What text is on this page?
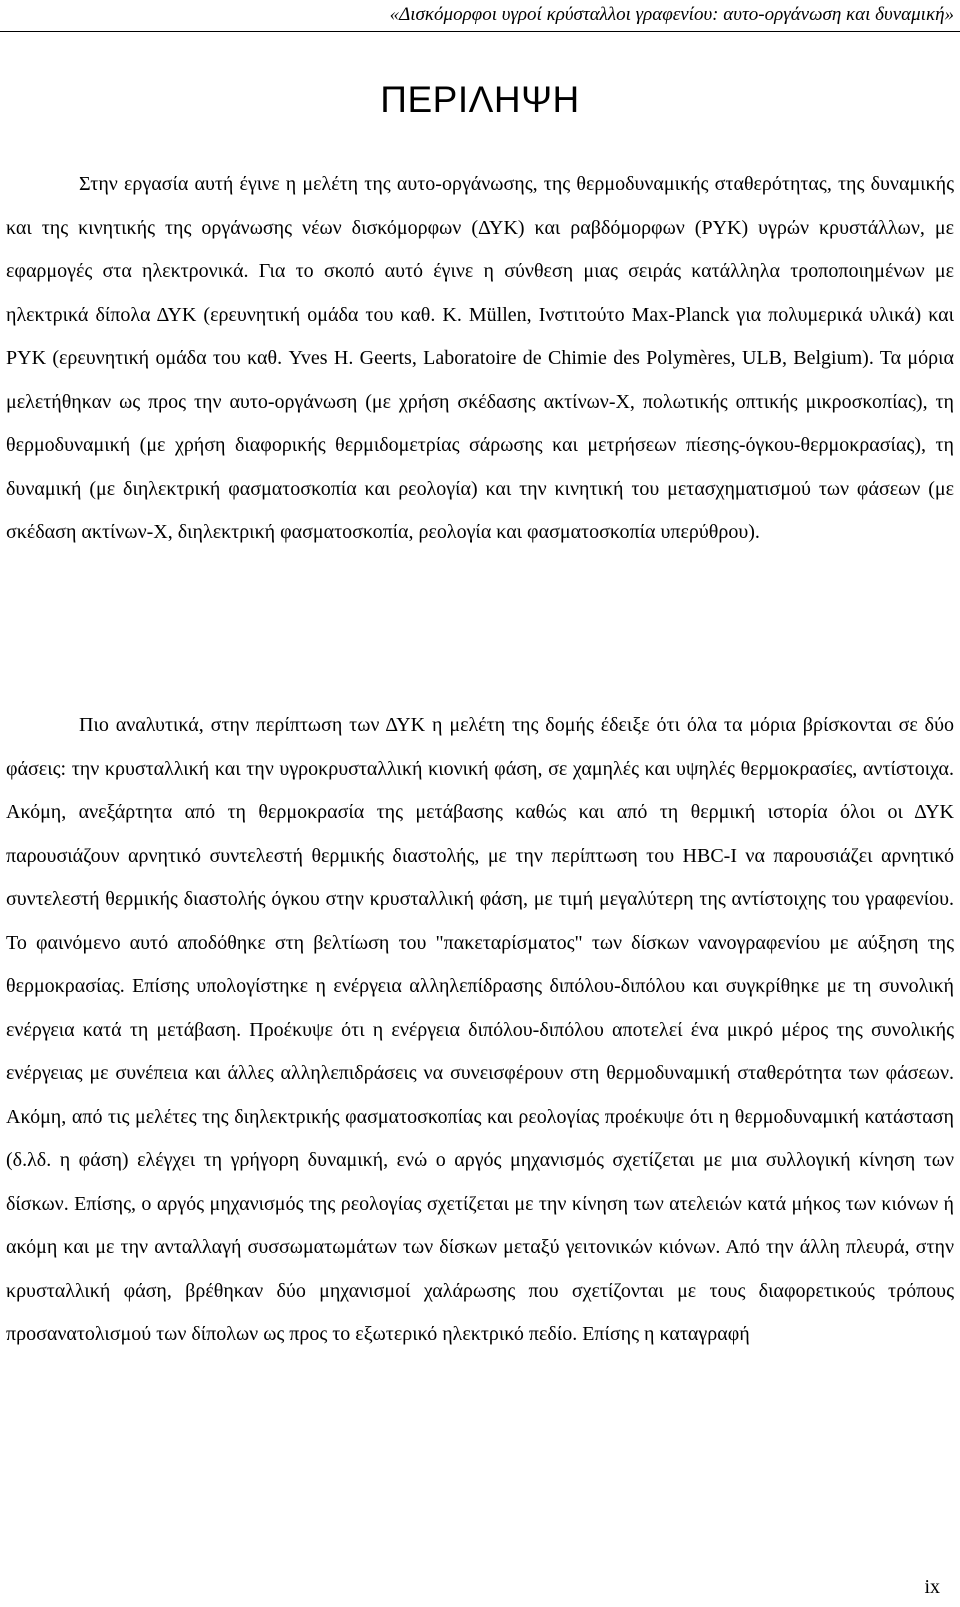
«Δισκόμορφοι υγροί κρύσταλλοι γραφενίου: αυτο-οργάνωση και δυναμική»
ΠΕΡΙΛΗΨΗ

Στην εργασία αυτή έγινε η μελέτη της αυτο-οργάνωσης, της θερμοδυναμικής σταθερότητας, της δυναμικής και της κινητικής της οργάνωσης νέων δισκόμορφων (ΔΥΚ) και ραβδόμορφων (ΡΥΚ) υγρών κρυστάλλων, με εφαρμογές στα ηλεκτρονικά. Για το σκοπό αυτό έγινε η σύνθεση μιας σειράς κατάλληλα τροποποιημένων με ηλεκτρικά δίπολα ΔΥΚ (ερευνητική ομάδα του καθ. K. Müllen, Ινστιτούτο Max-Planck για πολυμερικά υλικά) και ΡΥΚ (ερευνητική ομάδα του καθ. Yves H. Geerts, Laboratoire de Chimie des Polymères, ULB, Belgium). Τα μόρια μελετήθηκαν ως προς την αυτο-οργάνωση (με χρήση σκέδασης ακτίνων-Χ, πολωτικής οπτικής μικροσκοπίας), τη θερμοδυναμική (με χρήση διαφορικής θερμιδομετρίας σάρωσης και μετρήσεων πίεσης-όγκου-θερμοκρασίας), τη δυναμική (με διηλεκτρική φασματοσκοπία και ρεολογία) και την κινητική του μετασχηματισμού των φάσεων (με σκέδαση ακτίνων-Χ, διηλεκτρική φασματοσκοπία, ρεολογία και φασματοσκοπία υπερύθρου).

Πιο αναλυτικά, στην περίπτωση των ΔΥΚ η μελέτη της δομής έδειξε ότι όλα τα μόρια βρίσκονται σε δύο φάσεις: την κρυσταλλική και την υγροκρυσταλλική κιονική φάση, σε χαμηλές και υψηλές θερμοκρασίες, αντίστοιχα. Ακόμη, ανεξάρτητα από τη θερμοκρασία της μετάβασης καθώς και από τη θερμική ιστορία όλοι οι ΔΥΚ παρουσιάζουν αρνητικό συντελεστή θερμικής διαστολής, με την περίπτωση του HBC-I να παρουσιάζει αρνητικό συντελεστή θερμικής διαστολής όγκου στην κρυσταλλική φάση, με τιμή μεγαλύτερη της αντίστοιχης του γραφενίου. Το φαινόμενο αυτό αποδόθηκε στη βελτίωση του "πακεταρίσματος" των δίσκων νανογραφενίου με αύξηση της θερμοκρασίας. Επίσης υπολογίστηκε η ενέργεια αλληλεπίδρασης διπόλου-διπόλου και συγκρίθηκε με τη συνολική ενέργεια κατά τη μετάβαση. Προέκυψε ότι η ενέργεια διπόλου-διπόλου αποτελεί ένα μικρό μέρος της συνολικής ενέργειας με συνέπεια και άλλες αλληλεπιδράσεις να συνεισφέρουν στη θερμοδυναμική σταθερότητα των φάσεων. Ακόμη, από τις μελέτες της διηλεκτρικής φασματοσκοπίας και ρεολογίας προέκυψε ότι η θερμοδυναμική κατάσταση (δ.λδ. η φάση) ελέγχει τη γρήγορη δυναμική, ενώ ο αργός μηχανισμός σχετίζεται με μια συλλογική κίνηση των δίσκων. Επίσης, ο αργός μηχανισμός της ρεολογίας σχετίζεται με την κίνηση των ατελειών κατά μήκος των κιόνων ή ακόμη και με την ανταλλαγή συσσωματωμάτων των δίσκων μεταξύ γειτονικών κιόνων. Από την άλλη πλευρά, στην κρυσταλλική φάση, βρέθηκαν δύο μηχανισμοί χαλάρωσης που σχετίζονται με τους διαφορετικούς τρόπους προσανατολισμού των δίπολων ως προς το εξωτερικό ηλεκτρικό πεδίο. Επίσης η καταγραφή

ix
